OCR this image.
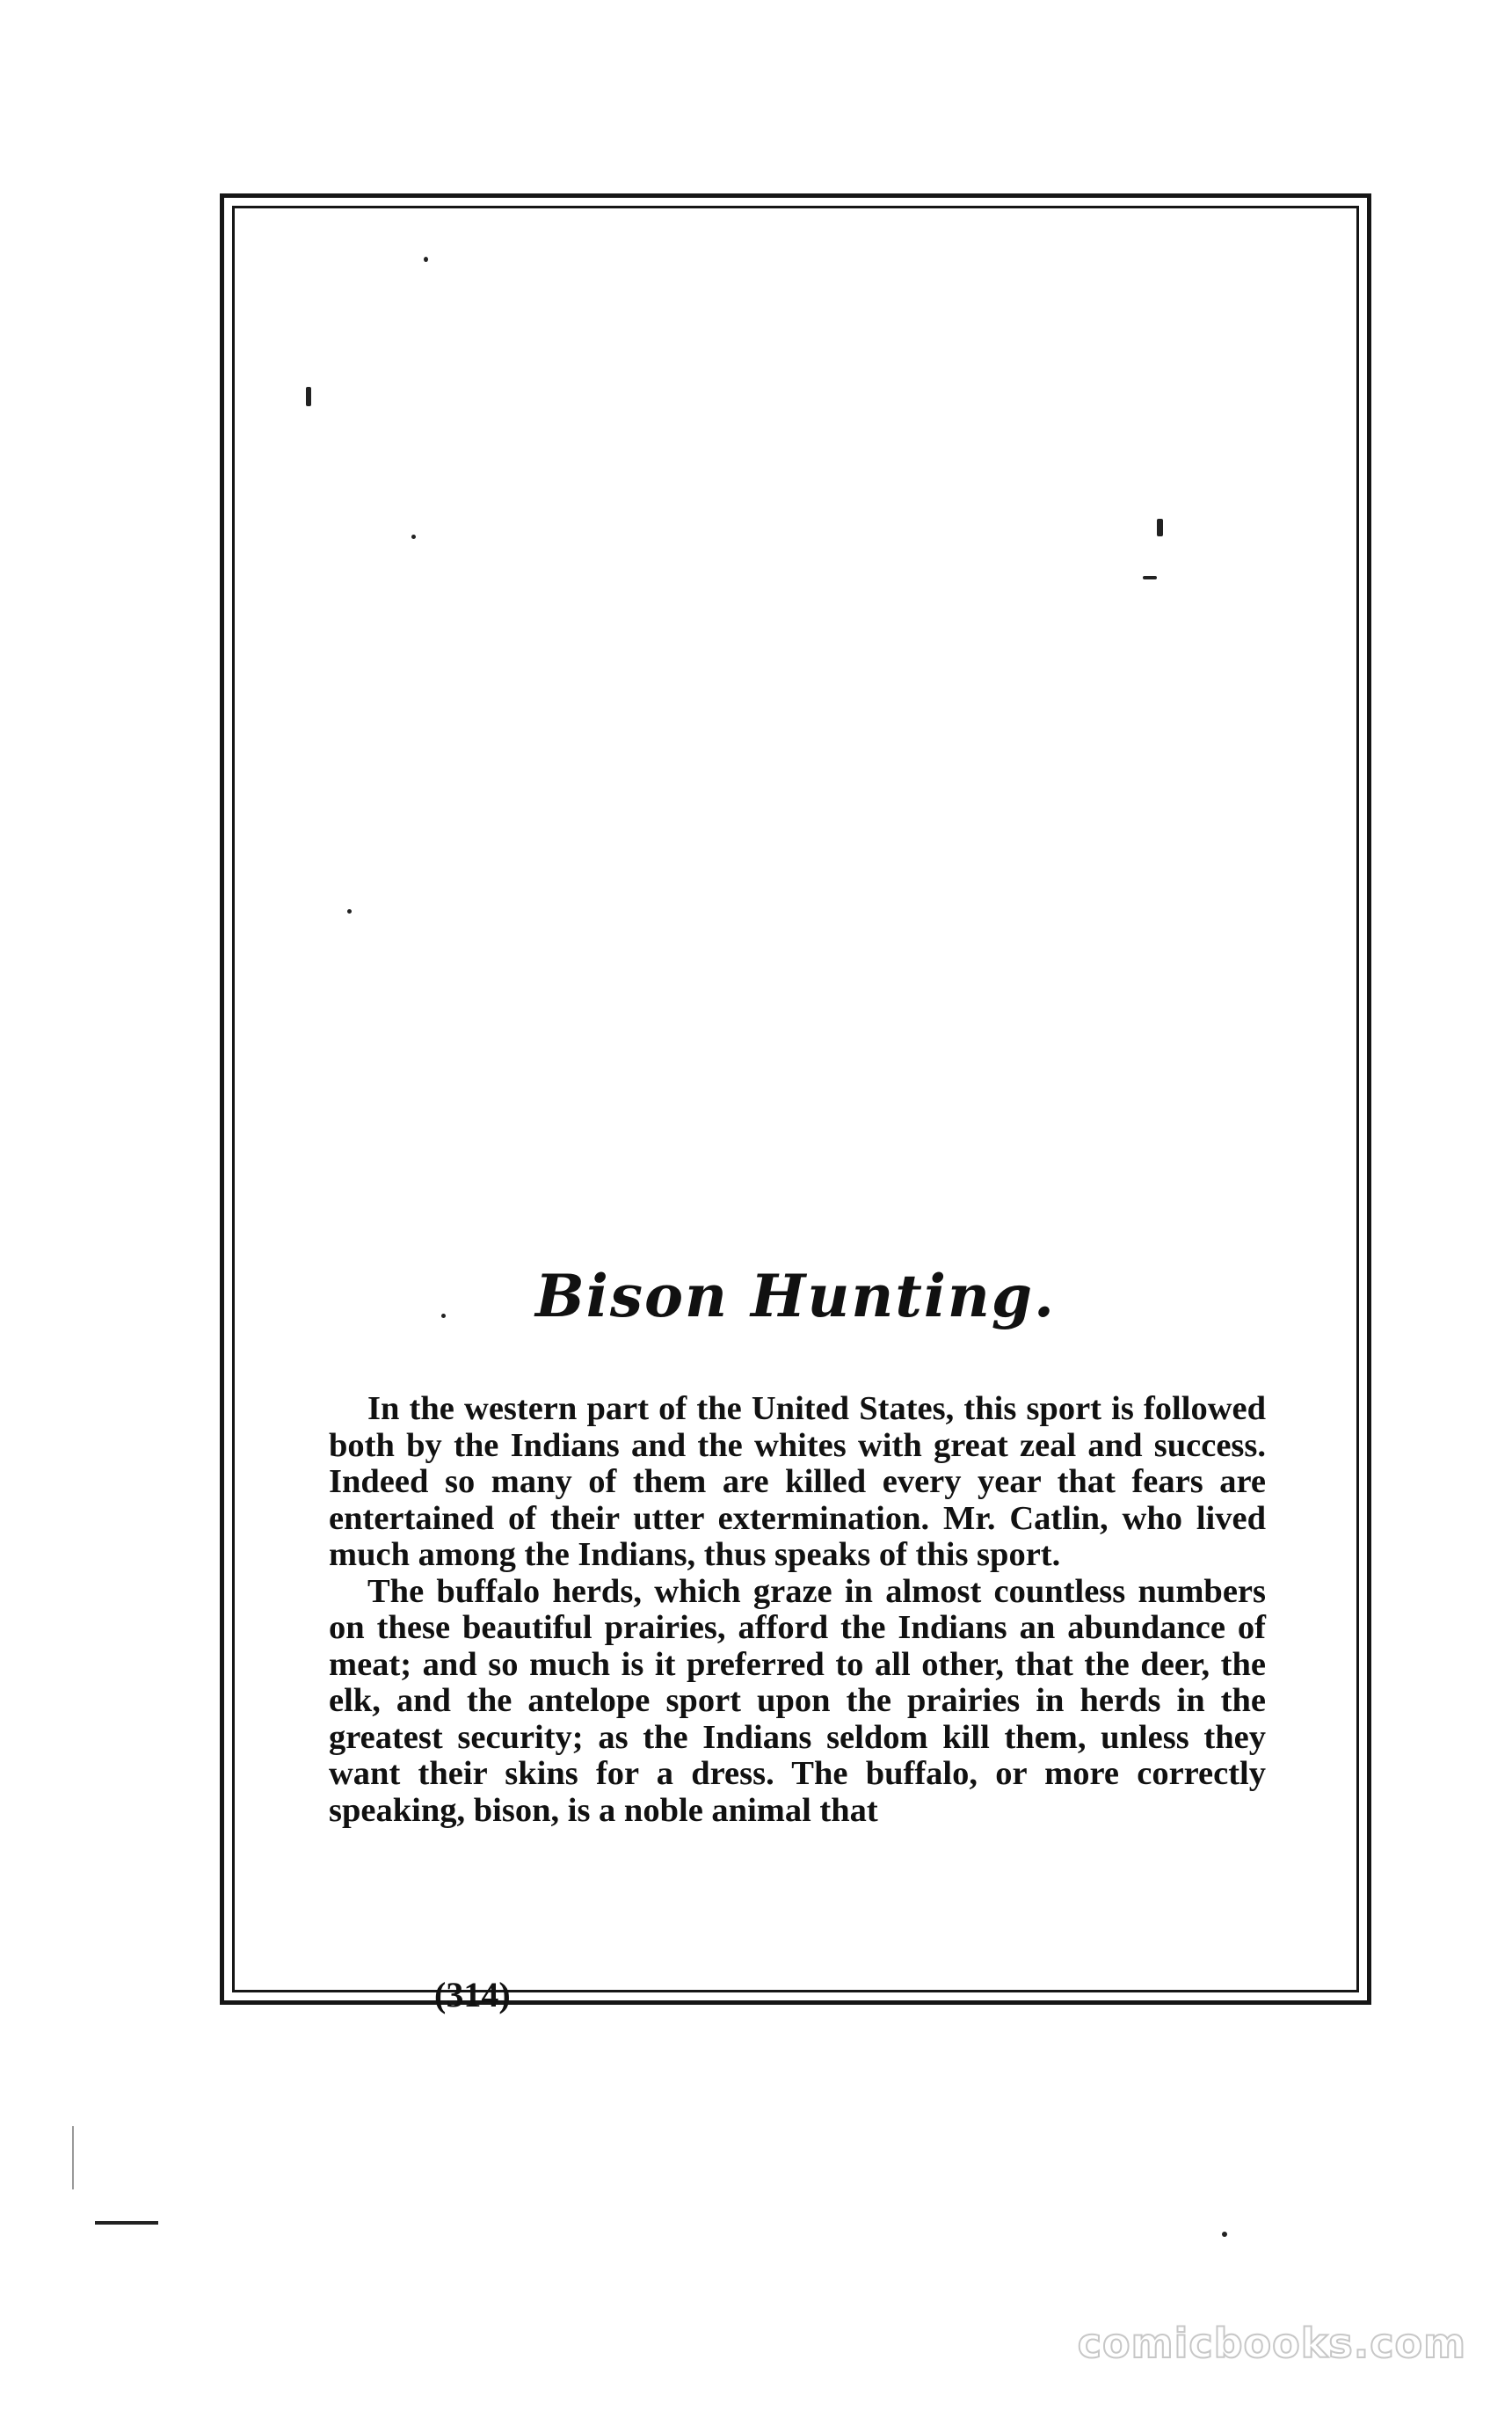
Bison Hunting.

In the western part of the United States, this sport is followed both by the Indians and the whites with great zeal and success. Indeed so many of them are killed every year that fears are entertained of their utter extermination. Mr. Catlin, who lived much among the Indians, thus speaks of this sport.

The buffalo herds, which graze in almost countless numbers on these beautiful prairies, afford the Indians an abundance of meat; and so much is it preferred to all other, that the deer, the elk, and the antelope sport upon the prairies in herds in the greatest security; as the Indians seldom kill them, unless they want their skins for a dress. The buffalo, or more correctly speaking, bison, is a noble animal that

(314)
comicbooks.com
